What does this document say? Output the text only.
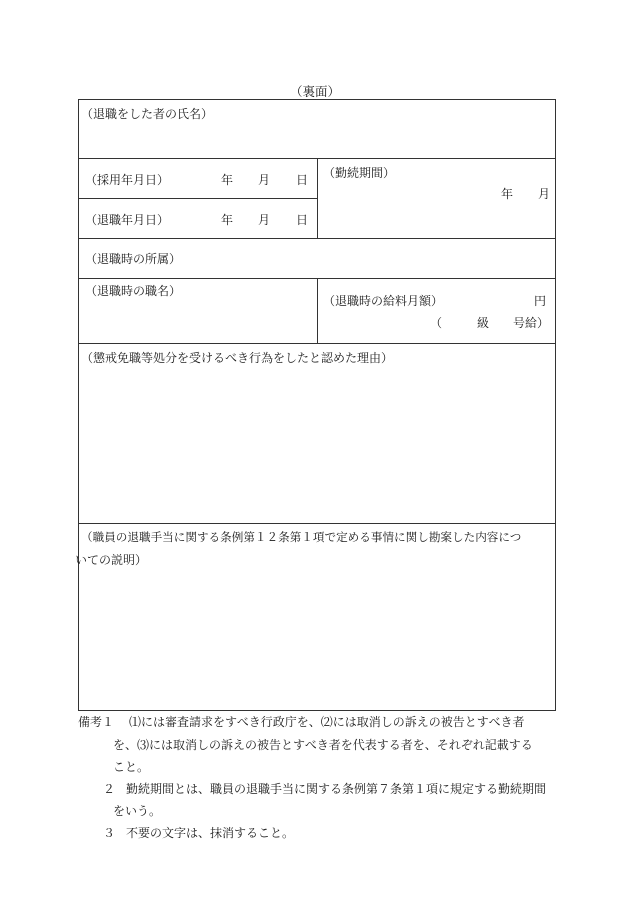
（裏面）
（退職をした者の氏名）
（採用年月日）	年 月 日
（退職年月日）	年 月 日
（勤続期間）
年 月
（退職時の所属）
（退職時の職名）
（退職時の給料月額）	円
（	級 号給）
（懲戒免職等処分を受けるべき行為をしたと認めた理由）
（職員の退職手当に関する条例第１２条第１項で定める事情に関し勘案した内容につ
いての説明）
備考１ ⑴には審査請求をすべき行政庁を、⑵には取消しの訴えの被告とすべき者
を、⑶には取消しの訴えの被告とすべき者を代表する者を、それぞれ記載する
こと。
２ 勤続期間とは、職員の退職手当に関する条例第７条第１項に規定する勤続期間
をいう。
３ 不要の文字は、抹消すること。
